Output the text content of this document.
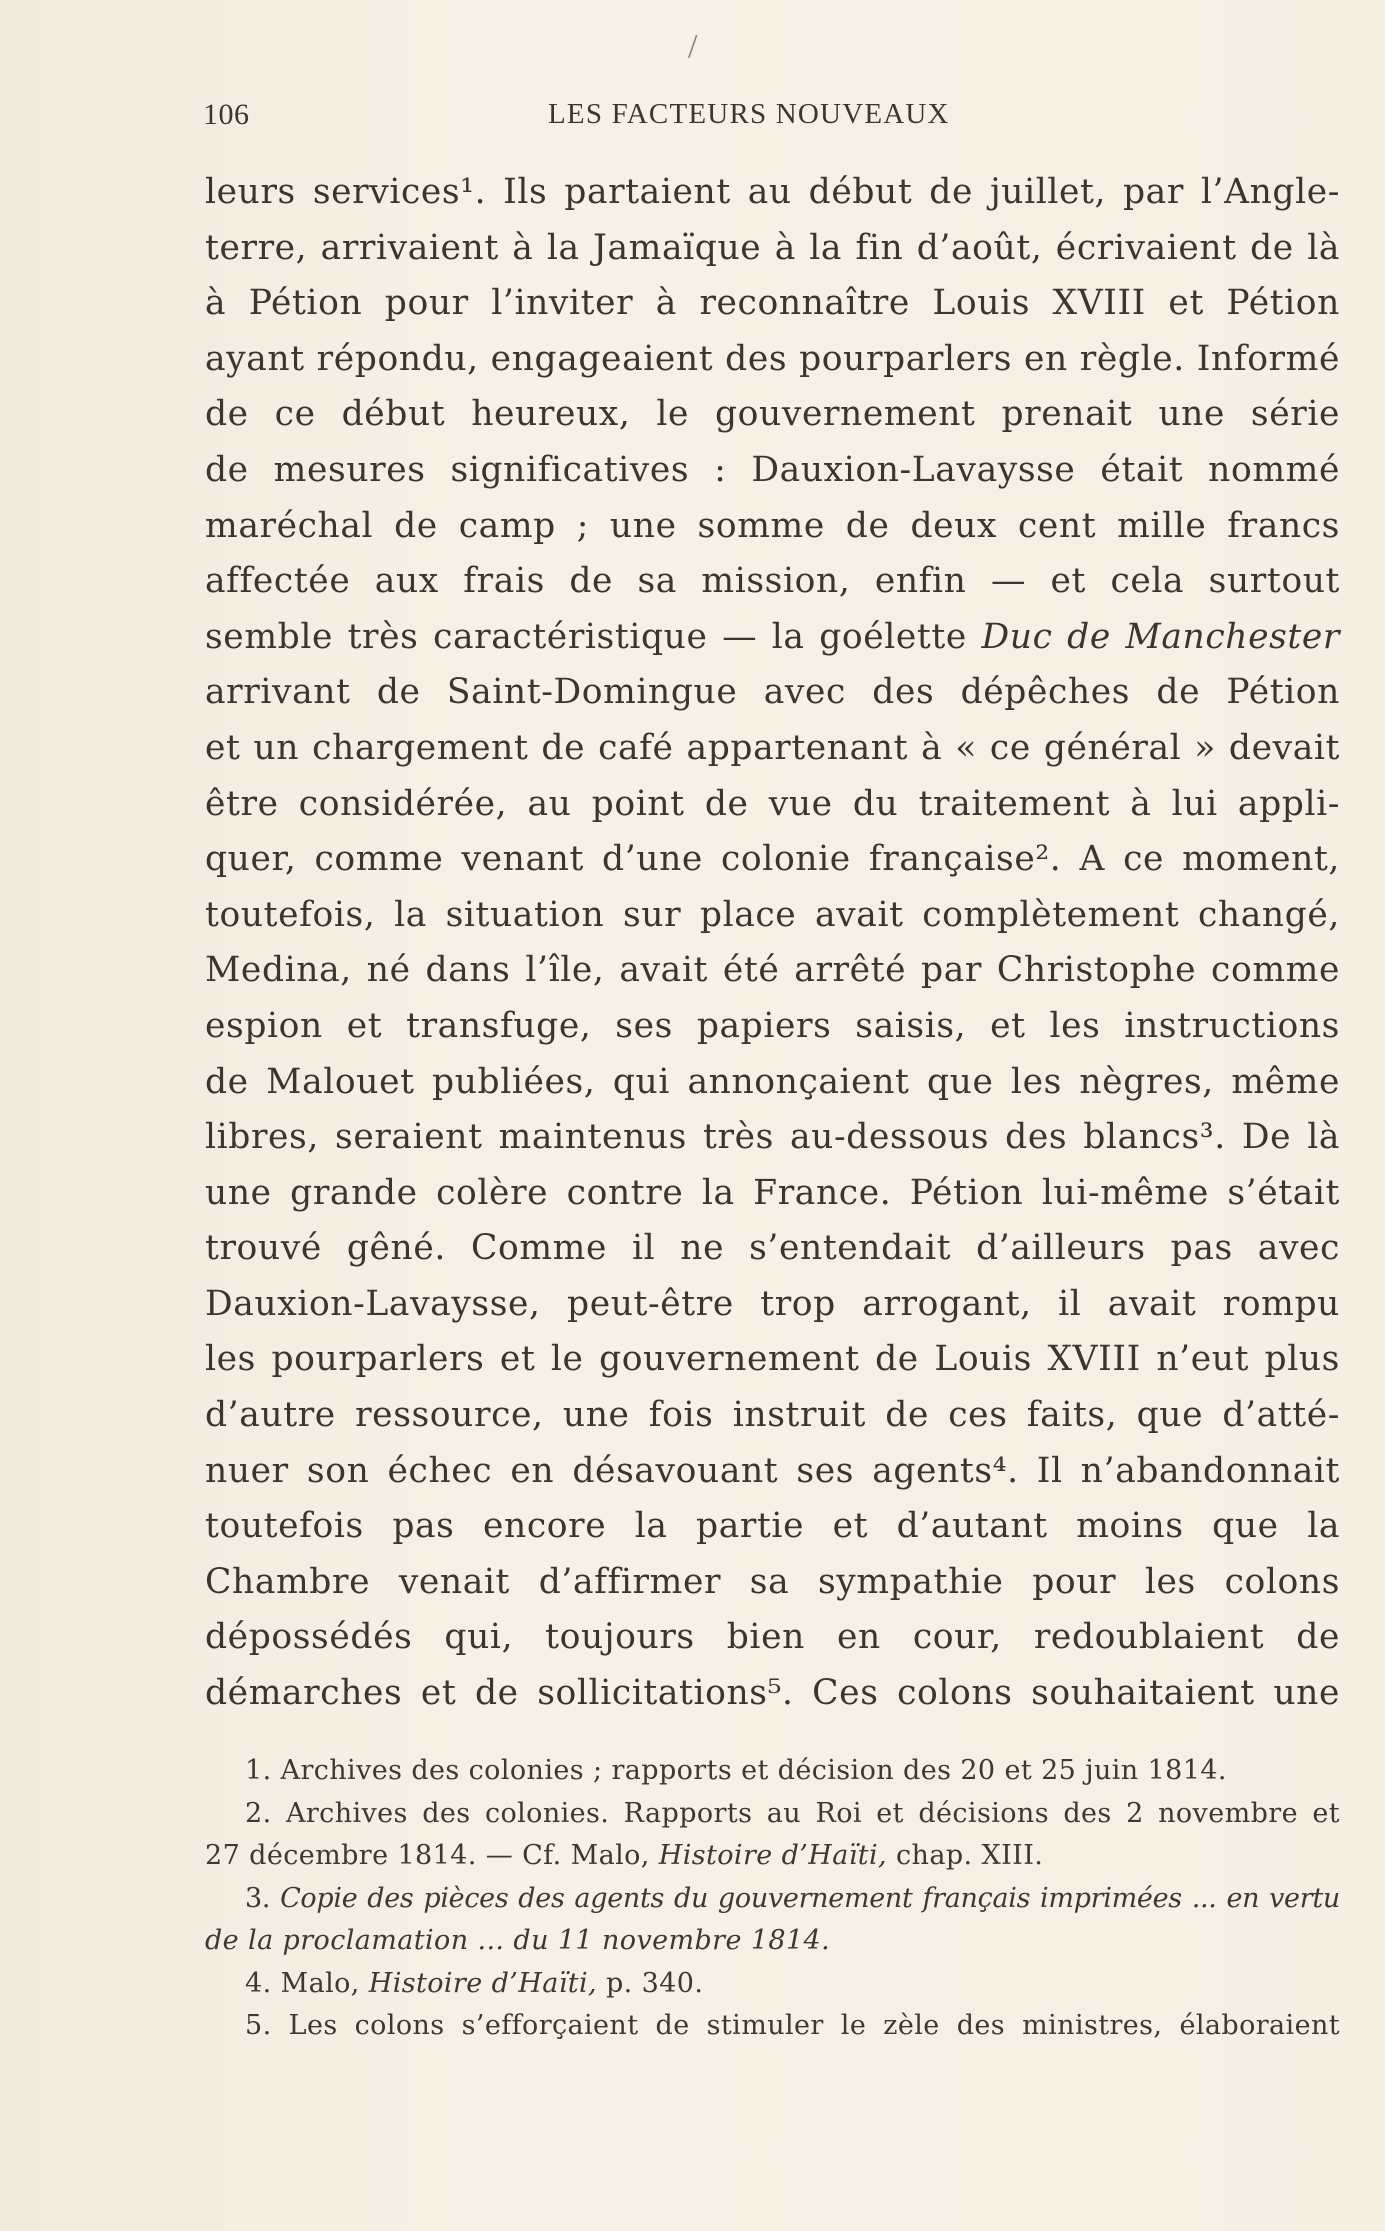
/
106	LES FACTEURS NOUVEAUX
leurs services¹. Ils partaient au début de juillet, par l’Angle-
terre, arrivaient à la Jamaïque à la fin d’août, écrivaient de là
à Pétion pour l’inviter à reconnaître Louis XVIII et Pétion
ayant répondu, engageaient des pourparlers en règle. Informé
de ce début heureux, le gouvernement prenait une série
de mesures significatives : Dauxion-Lavaysse était nommé
maréchal de camp ; une somme de deux cent mille francs
affectée aux frais de sa mission, enfin — et cela surtout
semble très caractéristique — la goélette Duc de Manchester
arrivant de Saint-Domingue avec des dépêches de Pétion
et un chargement de café appartenant à « ce général » devait
être considérée, au point de vue du traitement à lui appli-
quer, comme venant d’une colonie française². A ce moment,
toutefois, la situation sur place avait complètement changé,
Medina, né dans l’île, avait été arrêté par Christophe comme
espion et transfuge, ses papiers saisis, et les instructions
de Malouet publiées, qui annonçaient que les nègres, même
libres, seraient maintenus très au-dessous des blancs³. De là
une grande colère contre la France. Pétion lui-même s’était
trouvé gêné. Comme il ne s’entendait d’ailleurs pas avec
Dauxion-Lavaysse, peut-être trop arrogant, il avait rompu
les pourparlers et le gouvernement de Louis XVIII n’eut plus
d’autre ressource, une fois instruit de ces faits, que d’atté-
nuer son échec en désavouant ses agents⁴. Il n’abandonnait
toutefois pas encore la partie et d’autant moins que la
Chambre venait d’affirmer sa sympathie pour les colons
dépossédés qui, toujours bien en cour, redoublaient de
démarches et de sollicitations⁵. Ces colons souhaitaient une
1. Archives des colonies ; rapports et décision des 20 et 25 juin 1814.
2. Archives des colonies. Rapports au Roi et décisions des 2 novembre et
27 décembre 1814. — Cf. Malo, Histoire d’Haïti, chap. XIII.
3. Copie des pièces des agents du gouvernement français imprimées ... en vertu
de la proclamation ... du 11 novembre 1814.
4. Malo, Histoire d’Haïti, p. 340.
5. Les colons s’efforçaient de stimuler le zèle des ministres, élaboraient
